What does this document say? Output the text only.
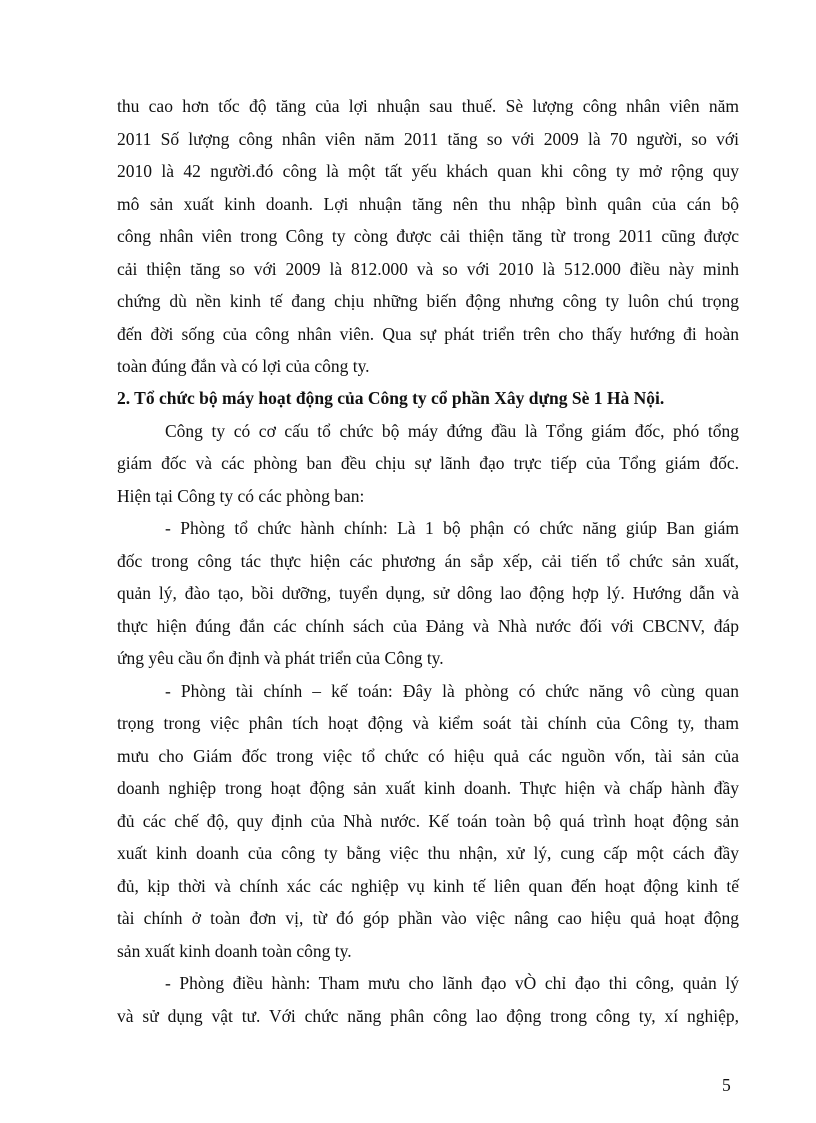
thu cao hơn tốc độ tăng của lợi nhuận sau thuế. Sè lượng công nhân viên năm
2011 Số lượng công nhân viên năm 2011 tăng so với 2009 là 70 người, so với
2010 là 42 người.đó công là một tất yếu khách quan khi công ty mở rộng quy
mô sản xuất kinh doanh. Lợi nhuận tăng nên thu nhập bình quân của cán bộ
công nhân viên trong Công ty còng được cải thiện tăng từ trong 2011 cũng được
cải thiện tăng so với 2009 là 812.000 và so với 2010 là 512.000 điều này minh
chứng dù nền kinh tế đang chịu những biến động nhưng công ty luôn chú trọng
đến đời sống của công nhân viên. Qua sự phát triển trên cho thấy hướng đi hoàn
toàn đúng đắn và có lợi của công ty.
2. Tổ chức bộ máy hoạt động của Công ty cổ phần Xây dựng Sè 1 Hà Nội.
Công ty có cơ cấu tổ chức bộ máy đứng đầu là Tổng giám đốc, phó tổng
giám đốc và các phòng ban đều chịu sự lãnh đạo trực tiếp của Tổng giám đốc.
Hiện tại Công ty có các phòng ban:
- Phòng tổ chức hành chính: Là 1 bộ phận có chức năng giúp Ban giám
đốc trong công tác thực hiện các phương án sắp xếp, cải tiến tổ chức sản xuất,
quản lý, đào tạo, bồi dưỡng, tuyển dụng, sử dông lao động hợp lý. Hướng dẫn và
thực hiện đúng đắn các chính sách của Đảng và Nhà nước đối với CBCNV, đáp
ứng yêu cầu ổn định và phát triển của Công ty.
- Phòng tài chính – kế toán: Đây là phòng có chức năng vô cùng quan
trọng trong việc phân tích hoạt động và kiểm soát tài chính của Công ty, tham
mưu cho Giám đốc trong việc tổ chức có hiệu quả các nguồn vốn, tài sản của
doanh nghiệp trong hoạt động sản xuất kinh doanh. Thực hiện và chấp hành đầy
đủ các chế độ, quy định của Nhà nước. Kế toán toàn bộ quá trình hoạt động sản
xuất kinh doanh của công ty bằng việc thu nhận, xử lý, cung cấp một cách đầy
đủ, kịp thời và chính xác các nghiệp vụ kinh tế liên quan đến hoạt động kinh tế
tài chính ở toàn đơn vị, từ đó góp phần vào việc nâng cao hiệu quả hoạt động
sản xuất kinh doanh toàn công ty.
- Phòng điều hành: Tham mưu cho lãnh đạo vÒ chỉ đạo thi công, quản lý
và sử dụng vật tư. Với chức năng phân công lao động trong công ty, xí nghiệp,
5
